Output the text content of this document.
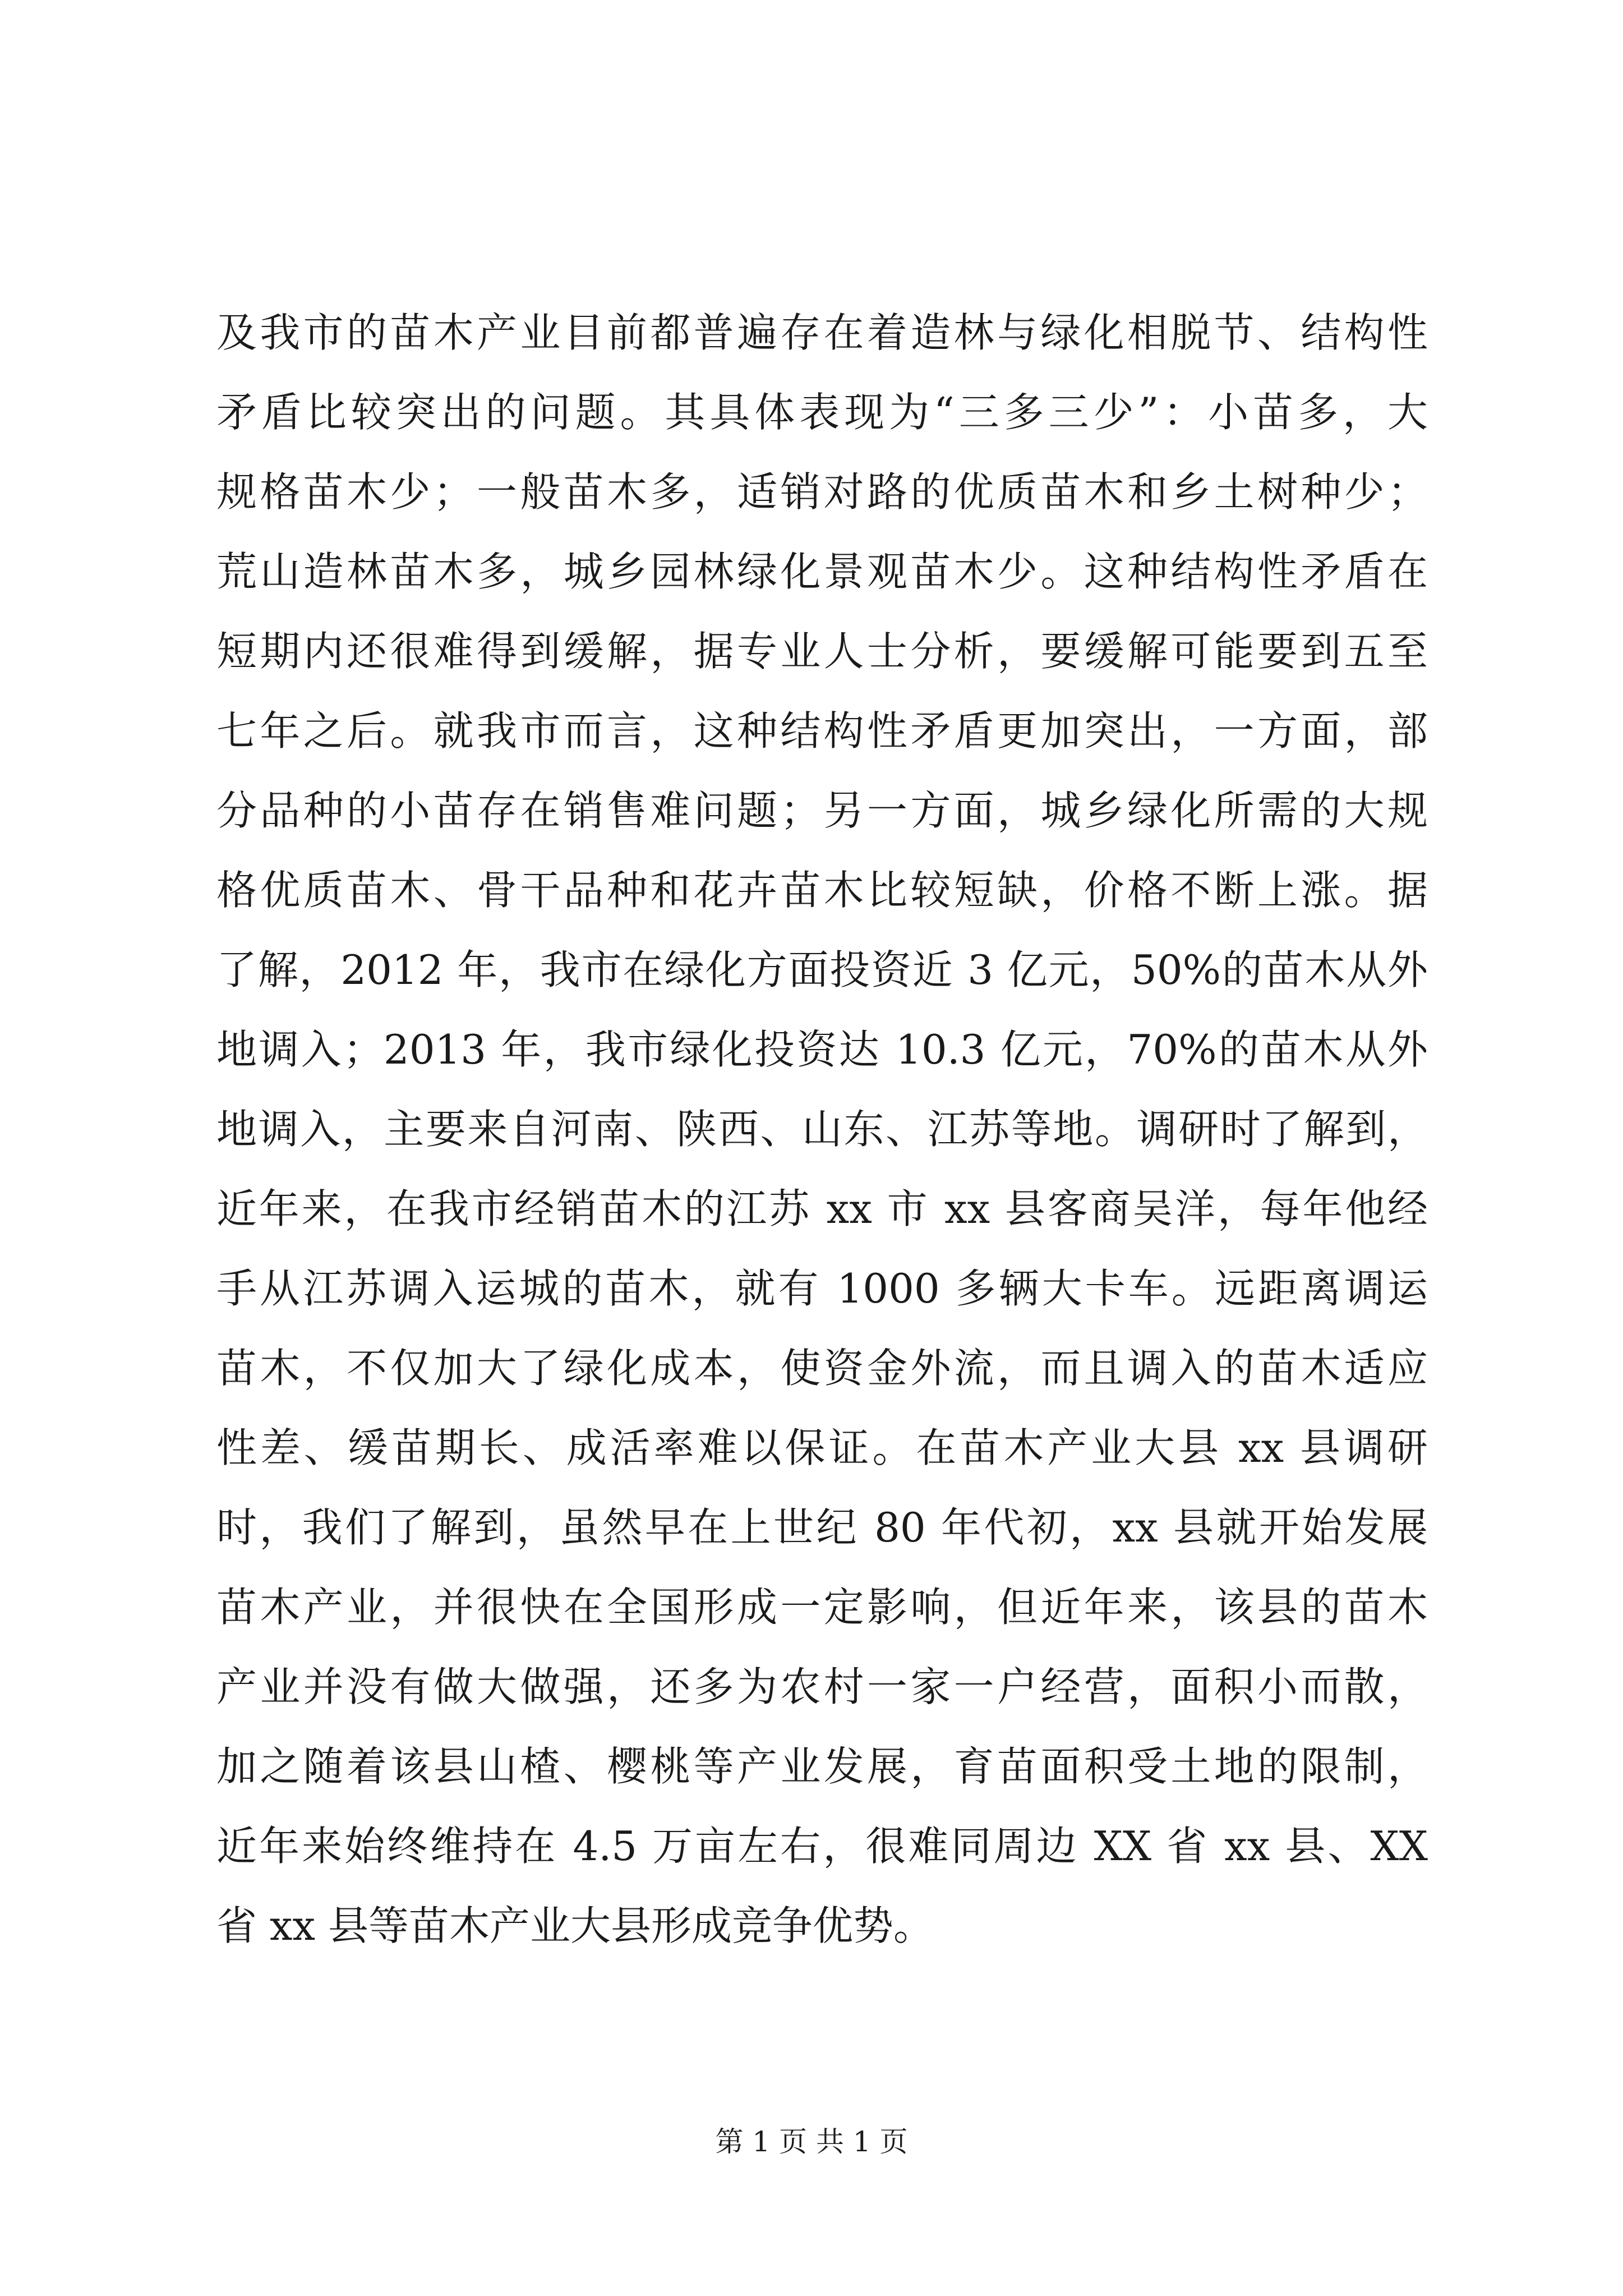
及我市的苗木产业目前都普遍存在着造林与绿化相脱节、结构性
矛盾比较突出的问题。其具体表现为“三多三少”：小苗多，大
规格苗木少；一般苗木多，适销对路的优质苗木和乡土树种少；
荒山造林苗木多，城乡园林绿化景观苗木少。这种结构性矛盾在
短期内还很难得到缓解，据专业人士分析，要缓解可能要到五至
七年之后。就我市而言，这种结构性矛盾更加突出，一方面，部
分品种的小苗存在销售难问题；另一方面，城乡绿化所需的大规
格优质苗木、骨干品种和花卉苗木比较短缺，价格不断上涨。据
了解，2012 年，我市在绿化方面投资近 3 亿元，50%的苗木从外
地调入；2013 年，我市绿化投资达 10.3 亿元，70%的苗木从外
地调入，主要来自河南、陕西、山东、江苏等地。调研时了解到，
近年来，在我市经销苗木的江苏 xx 市 xx 县客商吴洋，每年他经
手从江苏调入运城的苗木，就有 1000 多辆大卡车。远距离调运
苗木，不仅加大了绿化成本，使资金外流，而且调入的苗木适应
性差、缓苗期长、成活率难以保证。在苗木产业大县 xx 县调研
时，我们了解到，虽然早在上世纪 80 年代初，xx 县就开始发展
苗木产业，并很快在全国形成一定影响，但近年来，该县的苗木
产业并没有做大做强，还多为农村一家一户经营，面积小而散，
加之随着该县山楂、樱桃等产业发展，育苗面积受土地的限制，
近年来始终维持在 4.5 万亩左右，很难同周边 XX 省 xx 县、XX
省 xx 县等苗木产业大县形成竞争优势。
第 1 页 共 1 页
